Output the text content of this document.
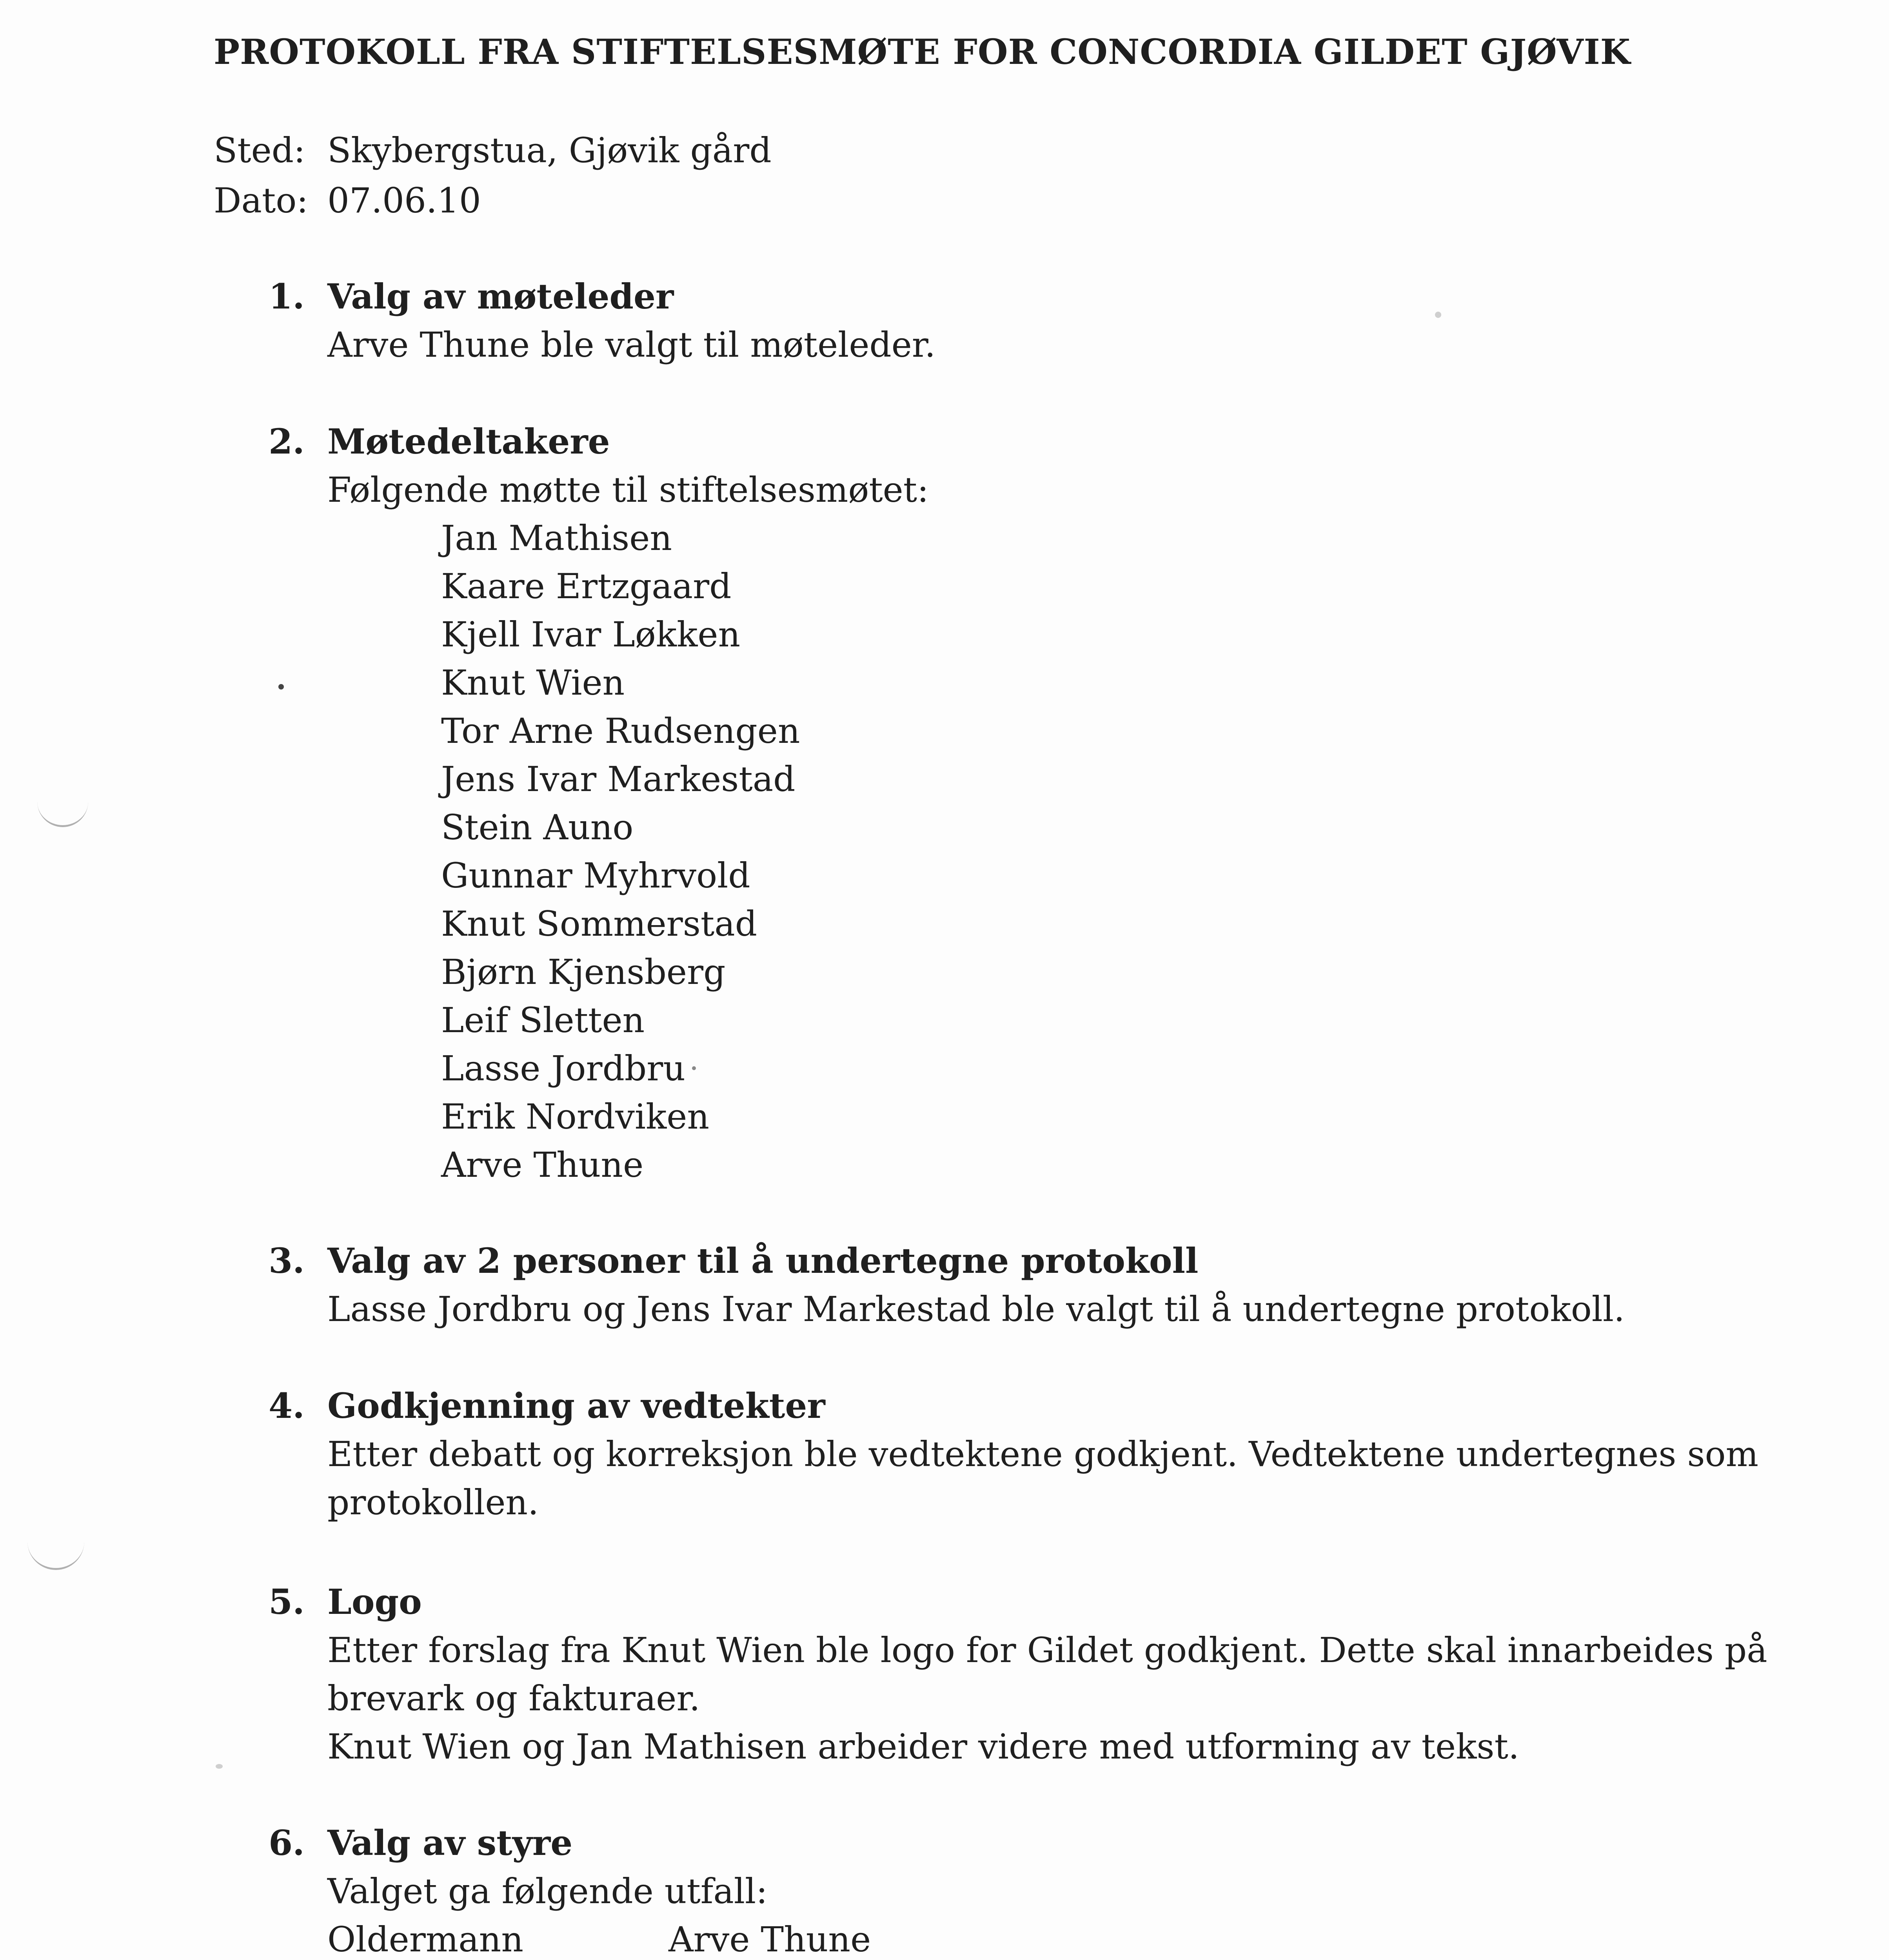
PROTOKOLL FRA STIFTELSESMØTE FOR CONCORDIA GILDET GJØVIK
Sted: Skybergstua, Gjøvik gård
Dato: 07.06.10
1. Valg av møteleder
Arve Thune ble valgt til møteleder.
2. Møtedeltakere
Følgende møtte til stiftelsesmøtet:
Jan Mathisen
Kaare Ertzgaard
Kjell Ivar Løkken
Knut Wien
Tor Arne Rudsengen
Jens Ivar Markestad
Stein Auno
Gunnar Myhrvold
Knut Sommerstad
Bjørn Kjensberg
Leif Sletten
Lasse Jordbru
Erik Nordviken
Arve Thune
3. Valg av 2 personer til å undertegne protokoll
Lasse Jordbru og Jens Ivar Markestad ble valgt til å undertegne protokoll.
4. Godkjenning av vedtekter
Etter debatt og korreksjon ble vedtektene godkjent. Vedtektene undertegnes som
protokollen.
5. Logo
Etter forslag fra Knut Wien ble logo for Gildet godkjent. Dette skal innarbeides på
brevark og fakturaer.
Knut Wien og Jan Mathisen arbeider videre med utforming av tekst.
6. Valg av styre
Valget ga følgende utfall:
Oldermann	Arve Thune
